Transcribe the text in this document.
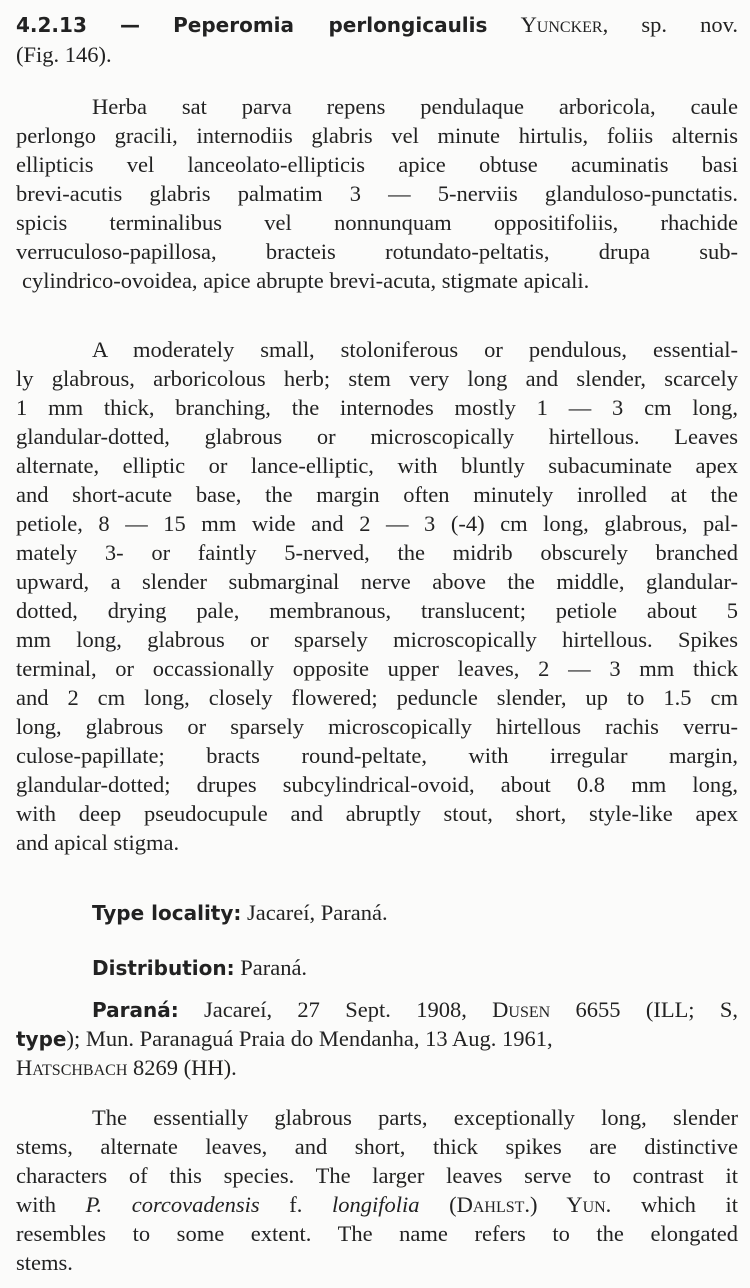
4.2.13 — Peperomia perlongicaulis Yuncker, sp. nov.
(Fig. 146).
Herba sat parva repens pendulaque arboricola, caule
perlongo gracili, internodiis glabris vel minute hirtulis, foliis alternis
ellipticis vel lanceolato-ellipticis apice obtuse acuminatis basi
brevi-acutis glabris palmatim 3 — 5-nerviis glanduloso-punctatis.
spicis terminalibus vel nonnunquam oppositifoliis, rhachide
verruculoso-papillosa, bracteis rotundato-peltatis, drupa sub-
cylindrico-ovoidea, apice abrupte brevi-acuta, stigmate apicali.
A moderately small, stoloniferous or pendulous, essential-
ly glabrous, arboricolous herb; stem very long and slender, scarcely
1 mm thick, branching, the internodes mostly 1 — 3 cm long,
glandular-dotted, glabrous or microscopically hirtellous. Leaves
alternate, elliptic or lance-elliptic, with bluntly subacuminate apex
and short-acute base, the margin often minutely inrolled at the
petiole, 8 — 15 mm wide and 2 — 3 (-4) cm long, glabrous, pal-
mately 3- or faintly 5-nerved, the midrib obscurely branched
upward, a slender submarginal nerve above the middle, glandular-
dotted, drying pale, membranous, translucent; petiole about 5
mm long, glabrous or sparsely microscopically hirtellous. Spikes
terminal, or occassionally opposite upper leaves, 2 — 3 mm thick
and 2 cm long, closely flowered; peduncle slender, up to 1.5 cm
long, glabrous or sparsely microscopically hirtellous rachis verru-
culose-papillate; bracts round-peltate, with irregular margin,
glandular-dotted; drupes subcylindrical-ovoid, about 0.8 mm long,
with deep pseudocupule and abruptly stout, short, style-like apex
and apical stigma.
Type locality: Jacareí, Paraná.
Distribution: Paraná.
Paraná: Jacareí, 27 Sept. 1908, Dusen 6655 (ILL; S,
type); Mun. Paranaguá Praia do Mendanha, 13 Aug. 1961,
Hatschbach 8269 (HH).
The essentially glabrous parts, exceptionally long, slender
stems, alternate leaves, and short, thick spikes are distinctive
characters of this species. The larger leaves serve to contrast it
with P. corcovadensis f. longifolia (Dahlst.) Yun. which it
resembles to some extent. The name refers to the elongated
stems.
